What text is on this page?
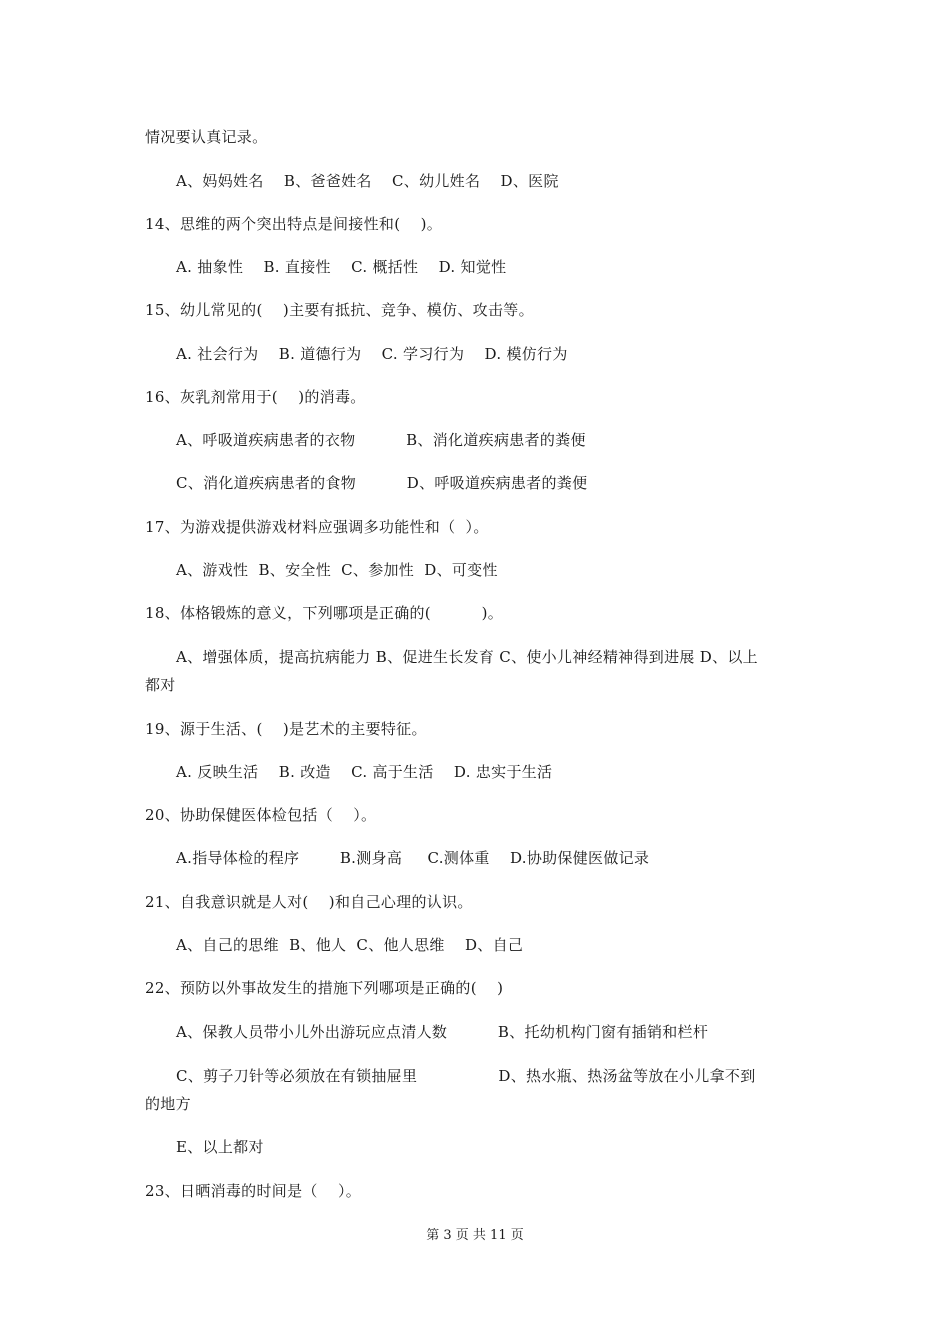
情况要认真记录。
A、妈妈姓名    B、爸爸姓名    C、幼儿姓名    D、医院
14、思维的两个突出特点是间接性和(    )。
A. 抽象性    B. 直接性    C. 概括性    D. 知觉性
15、幼儿常见的(    )主要有抵抗、竞争、模仿、攻击等。
A. 社会行为    B. 道德行为    C. 学习行为    D. 模仿行为
16、灰乳剂常用于(    )的消毒。
A、呼吸道疾病患者的衣物          B、消化道疾病患者的粪便
C、消化道疾病患者的食物          D、呼吸道疾病患者的粪便
17、为游戏提供游戏材料应强调多功能性和（  ）。
A、游戏性  B、安全性  C、参加性  D、可变性
18、体格锻炼的意义，下列哪项是正确的(          )。
A、增强体质，提高抗病能力 B、促进生长发育 C、使小儿神经精神得到进展 D、以上
都对
19、源于生活、(    )是艺术的主要特征。
A. 反映生活    B. 改造    C. 高于生活    D. 忠实于生活
20、协助保健医体检包括（    ）。
A.指导体检的程序        B.测身高     C.测体重    D.协助保健医做记录
21、自我意识就是人对(    )和自己心理的认识。
A、自己的思维  B、他人  C、他人思维    D、自己
22、预防以外事故发生的措施下列哪项是正确的(    )
A、保教人员带小儿外出游玩应点清人数          B、托幼机构门窗有插销和栏杆
C、剪子刀针等必须放在有锁抽屉里                D、热水瓶、热汤盆等放在小儿拿不到
的地方
E、以上都对
23、日晒消毒的时间是（    ）。
第 3 页 共 11 页
